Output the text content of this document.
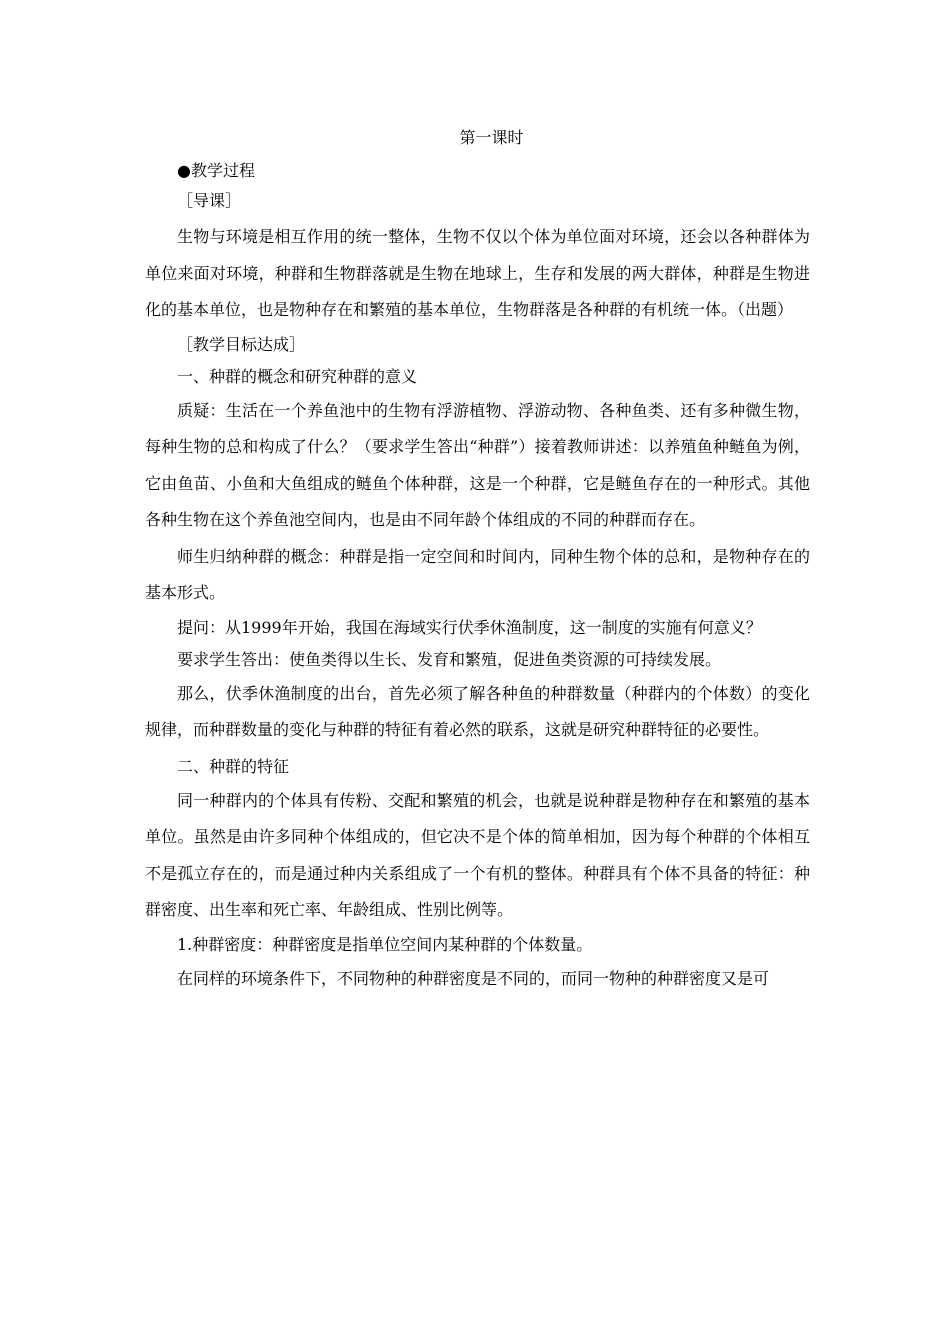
第一课时
●教学过程
［导课］

生物与环境是相互作用的统一整体，生物不仅以个体为单位面对环境，还会以各种群体为单位来面对环境，种群和生物群落就是生物在地球上，生存和发展的两大群体，种群是生物进化的基本单位，也是物种存在和繁殖的基本单位，生物群落是各种群的有机统一体。（出题）

［教学目标达成］
一、种群的概念和研究种群的意义

质疑：生活在一个养鱼池中的生物有浮游植物、浮游动物、各种鱼类、还有多种微生物，每种生物的总和构成了什么？（要求学生答出“种群”）接着教师讲述：以养殖鱼种鲢鱼为例，它由鱼苗、小鱼和大鱼组成的鲢鱼个体种群，这是一个种群，它是鲢鱼存在的一种形式。其他各种生物在这个养鱼池空间内，也是由不同年龄个体组成的不同的种群而存在。

师生归纳种群的概念：种群是指一定空间和时间内，同种生物个体的总和，是物种存在的基本形式。

提问：从1999年开始，我国在海域实行伏季休渔制度，这一制度的实施有何意义？
要求学生答出：使鱼类得以生长、发育和繁殖，促进鱼类资源的可持续发展。

那么，伏季休渔制度的出台，首先必须了解各种鱼的种群数量（种群内的个体数）的变化规律，而种群数量的变化与种群的特征有着必然的联系，这就是研究种群特征的必要性。

二、种群的特征

同一种群内的个体具有传粉、交配和繁殖的机会，也就是说种群是物种存在和繁殖的基本单位。虽然是由许多同种个体组成的，但它决不是个体的简单相加，因为每个种群的个体相互不是孤立存在的，而是通过种内关系组成了一个有机的整体。种群具有个体不具备的特征：种群密度、出生率和死亡率、年龄组成、性别比例等。

1.种群密度：种群密度是指单位空间内某种群的个体数量。

在同样的环境条件下，不同物种的种群密度是不同的，而同一物种的种群密度又是可
